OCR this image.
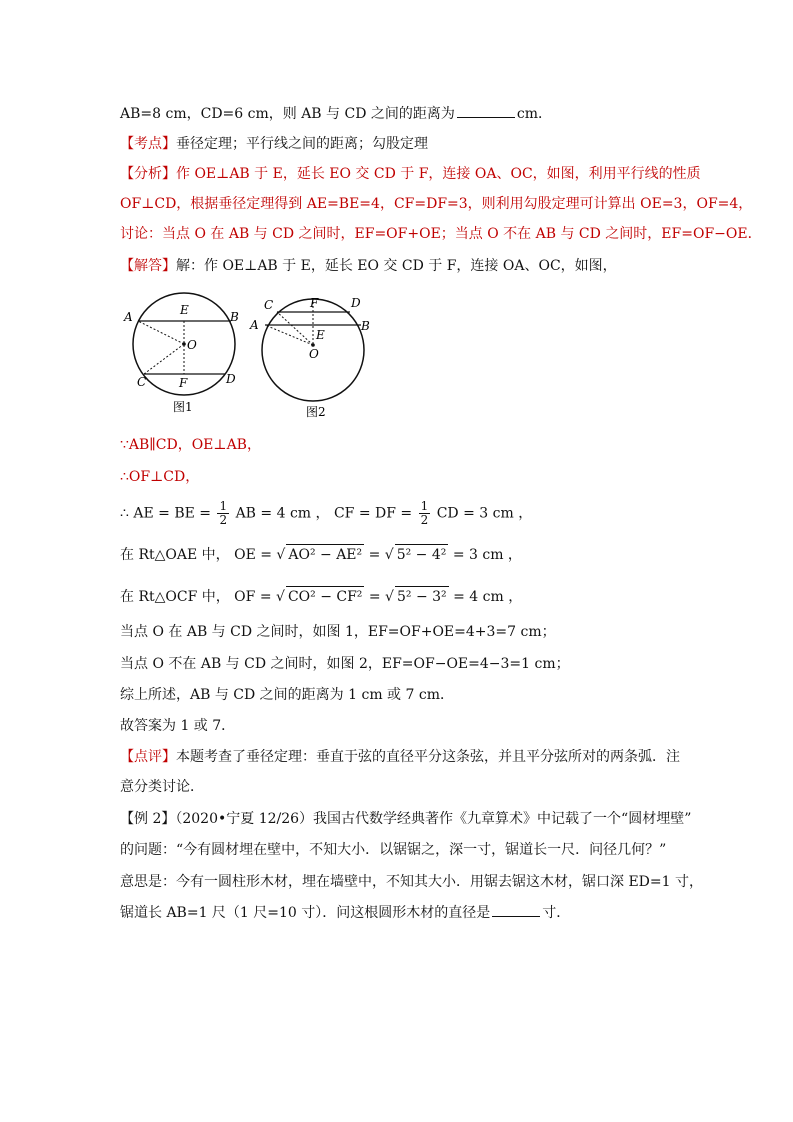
AB=8 cm，CD=6 cm，则 AB 与 CD 之间的距离为	cm．
【考点】垂径定理；平行线之间的距离；勾股定理
【分析】作 OE⊥AB 于 E，延长 EO 交 CD 于 F，连接 OA、OC，如图，利用平行线的性质
OF⊥CD，根据垂径定理得到 AE=BE=4，CF=DF=3，则利用勾股定理可计算出 OE=3，OF=4，
讨论：当点 O 在 AB 与 CD 之间时，EF=OF+OE；当点 O 不在 AB 与 CD 之间时，EF=OF−OE．
【解答】解：作 OE⊥AB 于 E，延长 EO 交 CD 于 F，连接 OA、OC，如图，
A	B
C	D
E
F
O
图1
A	B
C	D
E
F
O
图2
∵AB∥CD，OE⊥AB，
∴OF⊥CD，
∴ AE = BE = $\frac{1}{2}$ AB = 4 cm ， CF = DF = $\frac{1}{2}$ CD = 3 cm ，
在 Rt△OAE 中， OE = √ AO² − AE² = √ 5² − 4² = 3 cm ，
在 Rt△OCF 中， OF = √ CO² − CF² = √ 5² − 3² = 4 cm ，
当点 O 在 AB 与 CD 之间时，如图 1，EF=OF+OE=4+3=7 cm；
当点 O 不在 AB 与 CD 之间时，如图 2，EF=OF−OE=4−3=1 cm；
综上所述，AB 与 CD 之间的距离为 1 cm 或 7 cm．
故答案为 1 或 7．
【点评】本题考查了垂径定理：垂直于弦的直径平分这条弦，并且平分弦所对的两条弧．注
意分类讨论．
【例 2】（2020•宁夏 12/26）我国古代数学经典著作《九章算术》中记载了一个“圆材埋壁”
的问题：“今有圆材埋在壁中，不知大小．以锯锯之，深一寸，锯道长一尺．问径几何？”
意思是：今有一圆柱形木材，埋在墙壁中，不知其大小．用锯去锯这木材，锯口深 ED=1 寸，
锯道长 AB=1 尺（1 尺=10 寸）．问这根圆形木材的直径是	寸．
